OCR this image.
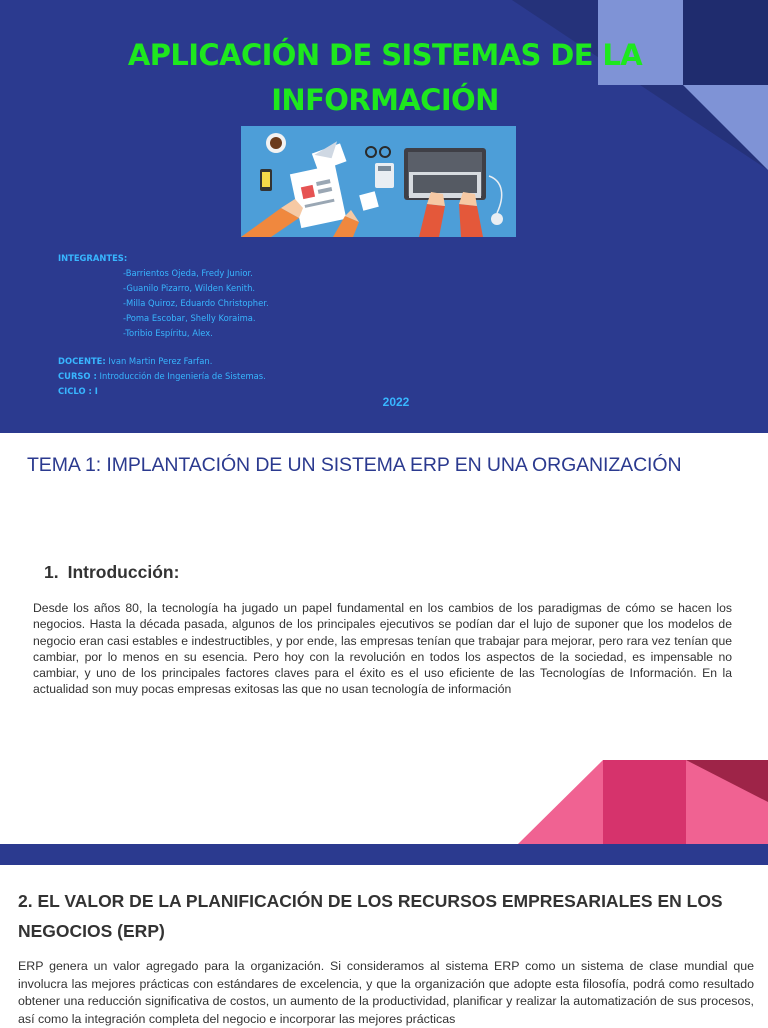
APLICACIÓN DE SISTEMAS DE LA INFORMACIÓN
INTEGRANTES:
-Barrientos Ojeda, Fredy Junior.
-Guanilo Pizarro, Wilden Kenith.
-Milla Quiroz, Eduardo Christopher.
-Poma Escobar, Shelly Koraima.
-Toribio Espíritu, Alex.
DOCENTE: Ivan Martin Perez Farfan.
CURSO : Introducción de Ingeniería de Sistemas.
CICLO : I
2022
TEMA 1: IMPLANTACIÓN DE UN SISTEMA ERP EN UNA ORGANIZACIÓN
1. Introducción:
Desde los años 80, la tecnología ha jugado un papel fundamental en los cambios de los paradigmas de cómo se hacen los negocios. Hasta la década pasada, algunos de los principales ejecutivos se podían dar el lujo de suponer que los modelos de negocio eran casi estables e indestructibles, y por ende, las empresas tenían que trabajar para mejorar, pero rara vez tenían que cambiar, por lo menos en su esencia. Pero hoy con la revolución en todos los aspectos de la sociedad, es impensable no cambiar, y uno de los principales factores claves para el éxito es el uso eficiente de las Tecnologías de Información. En la actualidad son muy pocas empresas exitosas las que no usan tecnología de información
2. EL VALOR DE LA PLANIFICACIÓN DE LOS RECURSOS EMPRESARIALES EN LOS NEGOCIOS (ERP)
ERP genera un valor agregado para la organización. Si consideramos al sistema ERP como un sistema de clase mundial que involucra las mejores prácticas con estándares de excelencia, y que la organización que adopte esta filosofía, podrá como resultado obtener una reducción significativa de costos, un aumento de la productividad, planificar y realizar la automatización de sus procesos, así como la integración completa del negocio e incorporar las mejores prácticas
